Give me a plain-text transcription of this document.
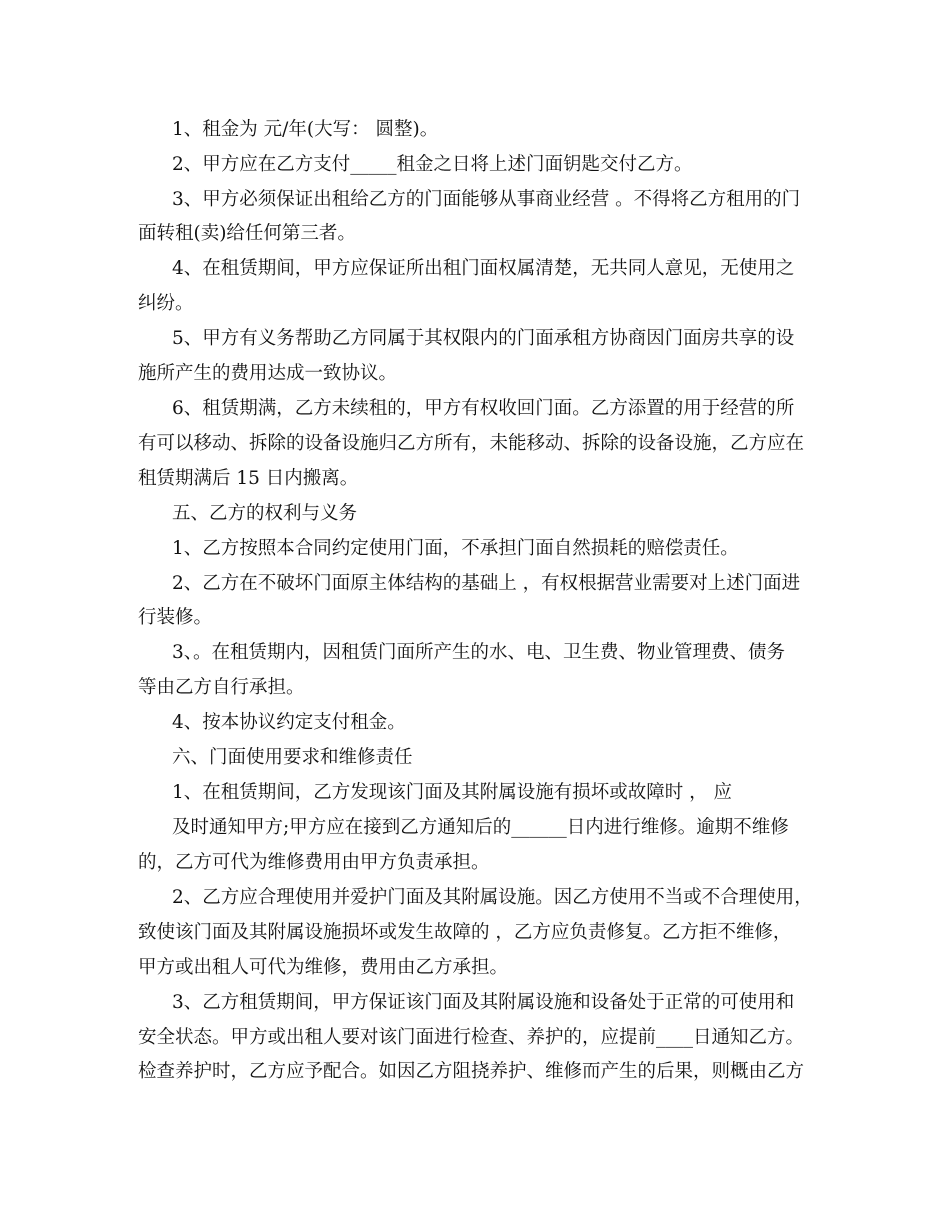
1、租金为 元/年(大写： 圆整)。
2、甲方应在乙方支付_____租金之日将上述门面钥匙交付乙方。
3、甲方必须保证出租给乙方的门面能够从事商业经营 。不得将乙方租用的门
面转租(卖)给任何第三者。
4、在租赁期间，甲方应保证所出租门面权属清楚，无共同人意见，无使用之
纠纷。
5、甲方有义务帮助乙方同属于其权限内的门面承租方协商因门面房共享的设
施所产生的费用达成一致协议。
6、租赁期满，乙方未续租的，甲方有权收回门面。乙方添置的用于经营的所
有可以移动、拆除的设备设施归乙方所有，未能移动、拆除的设备设施，乙方应在
租赁期满后 15 日内搬离。
五、乙方的权利与义务
1、乙方按照本合同约定使用门面，不承担门面自然损耗的赔偿责任。
2、乙方在不破坏门面原主体结构的基础上 ，有权根据营业需要对上述门面进
行装修。
3、。在租赁期内，因租赁门面所产生的水、电、卫生费、物业管理费、债务
等由乙方自行承担。
4、按本协议约定支付租金。
六、门面使用要求和维修责任
1、在租赁期间，乙方发现该门面及其附属设施有损坏或故障时 ， 应
及时通知甲方;甲方应在接到乙方通知后的______日内进行维修。逾期不维修
的，乙方可代为维修费用由甲方负责承担。
2、乙方应合理使用并爱护门面及其附属设施。因乙方使用不当或不合理使用，
致使该门面及其附属设施损坏或发生故障的 ，乙方应负责修复。乙方拒不维修，
甲方或出租人可代为维修，费用由乙方承担。
3、乙方租赁期间，甲方保证该门面及其附属设施和设备处于正常的可使用和
安全状态。甲方或出租人要对该门面进行检查、养护的，应提前____日通知乙方。
检查养护时，乙方应予配合。如因乙方阻挠养护、维修而产生的后果，则概由乙方
